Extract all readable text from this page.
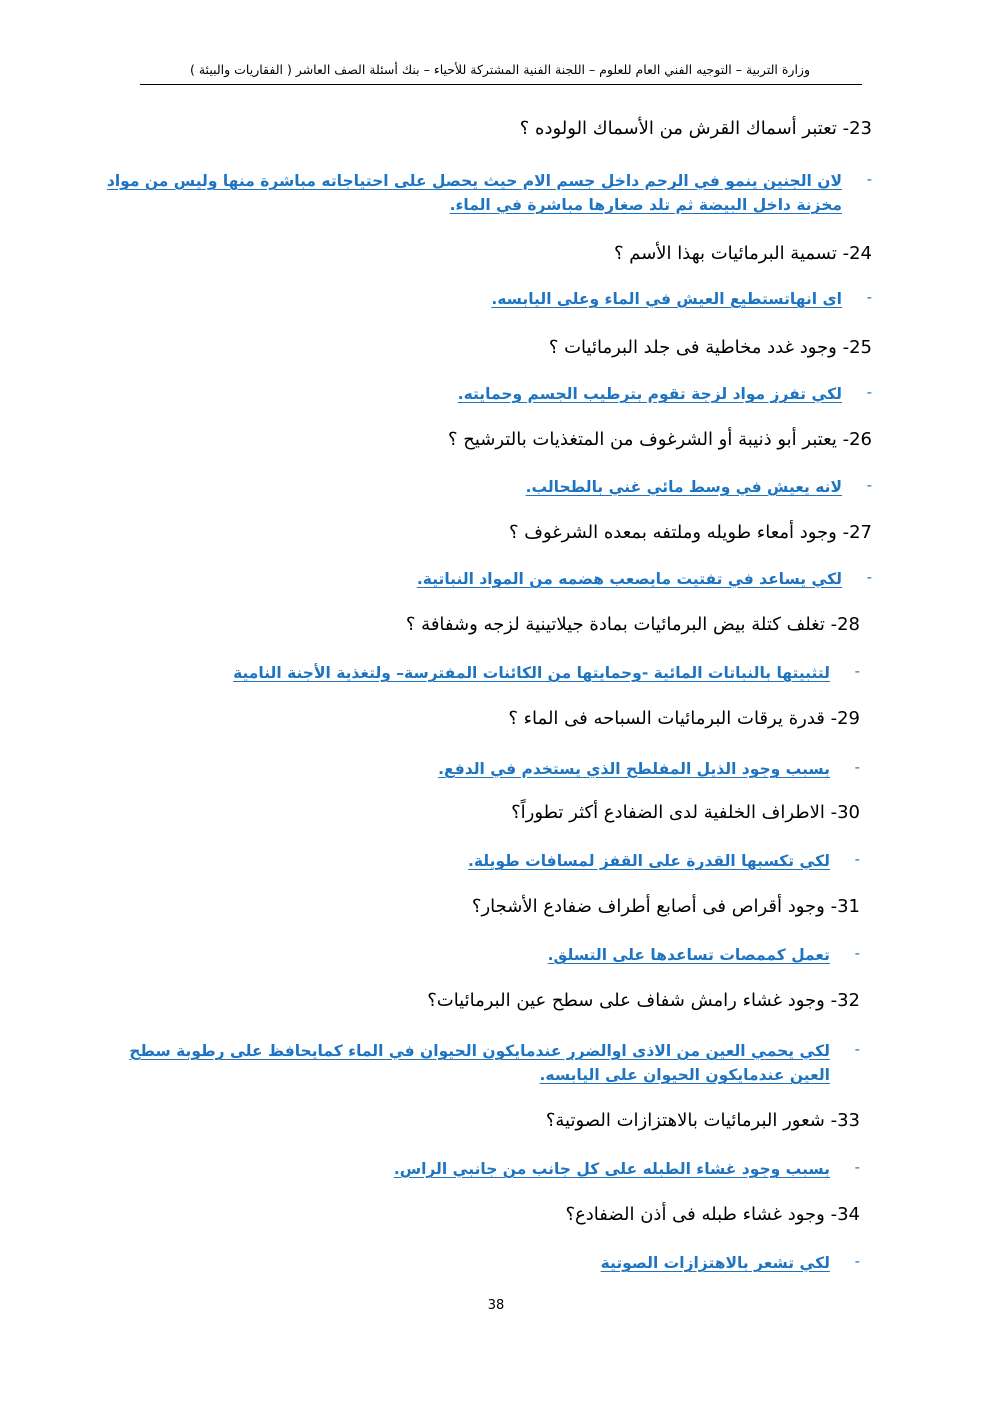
وزارة التربية – التوجيه الفني العام للعلوم – اللجنة الفنية المشتركة للأحياء – بنك أسئلة الصف العاشر ( الفقاريات والبيئة )
23- تعتبر أسماك القرش من الأسماك الولوده ؟
-
لان الجنين ينمو في الرحم داخل جسم الام حيث يحصل على احتياجاته مباشرة منها وليس من مواد
مخزنة داخل البيضة ثم تلد صغارها مباشرة في الماء.
24- تسمية البرمائيات بهذا الأسم ؟
-
اى انهاتستطيع العيش في الماء وعلى اليابسه.
25- وجود غدد مخاطية فى جلد البرمائيات ؟
-
لكي تفرز مواد لزجة تقوم بترطيب الجسم وحمايته.
26- يعتبر أبو ذنيبة أو الشرغوف من المتغذيات بالترشيح ؟
-
لانه يعيش في وسط مائي غني بالطحالب.
27- وجود أمعاء طويله وملتفه بمعده الشرغوف ؟
-
لكي يساعد في تفتيت مايصعب هضمه من المواد النباتية.
28- تغلف كتلة بيض البرمائيات بمادة جيلاتينية لزجه وشفافة ؟
-
لتثبيتها بالنباتات المائية -وحمايتها من الكائنات المفترسة– ولتغذية الأجنة النامية
29- قدرة يرقات البرمائيات السباحه فى الماء ؟
-
بسبب وجود الذيل المفلطح الذي يستخدم في الدفع.
30- الاطراف الخلفية لدى الضفادع أكثر تطوراً؟
-
لكي تكسبها القدرة على القفز لمسافات طويلة.
31- وجود أقراص فى أصابع أطراف ضفادع الأشجار؟
-
تعمل كممصات تساعدها على التسلق.
32- وجود غشاء رامش شفاف على سطح عين البرمائيات؟
-
لكي يحمي العين من الاذى اوالضرر عندمايكون الحيوان في الماء كمايحافظ على رطوبة سطح
العين عندمايكون الحيوان على اليابسه.
33- شعور البرمائيات بالاهتزازات الصوتية؟
-
بسبب وجود غشاء الطبله على كل جانب من جانبي الراس.
34- وجود غشاء طبله فى أذن الضفادع؟
-
لكي تشعر بالاهتزازات الصوتية
38
